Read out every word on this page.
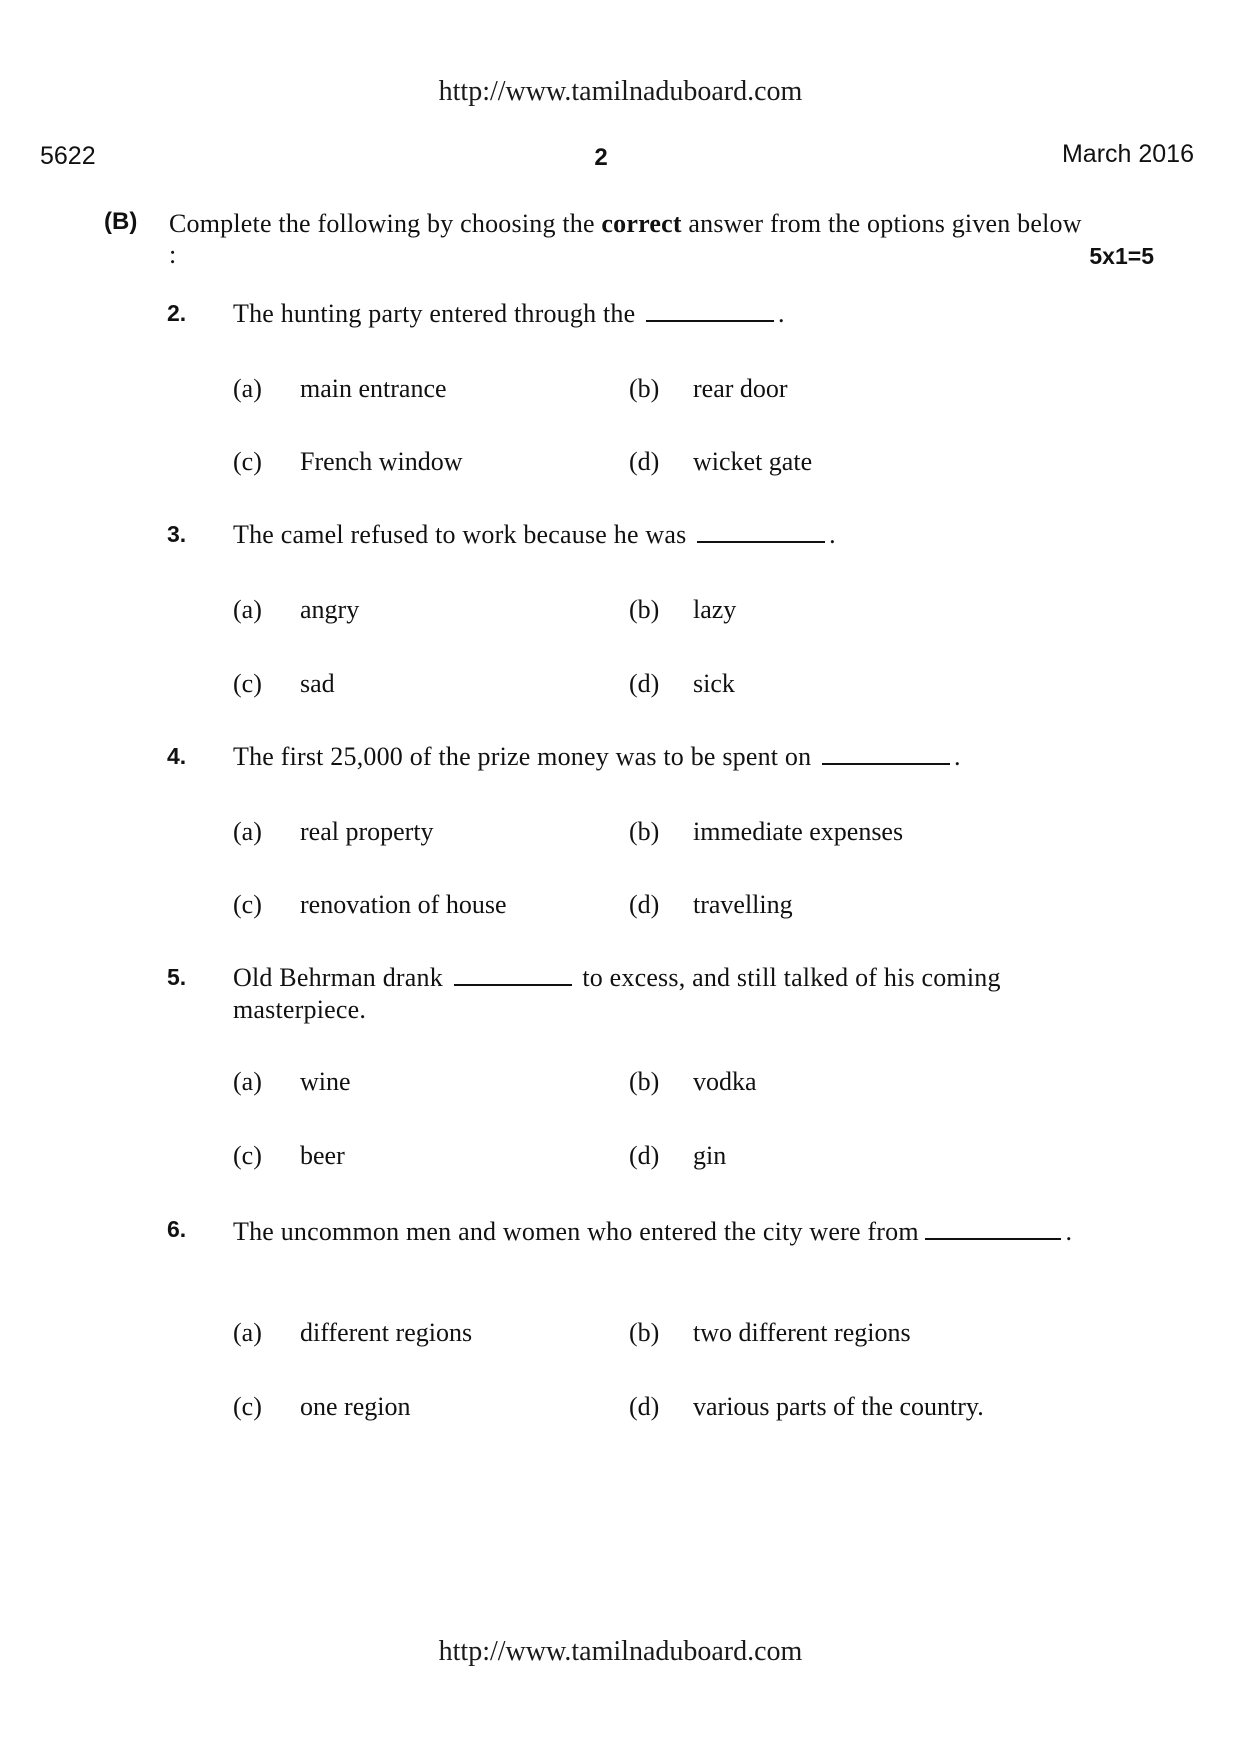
http://www.tamilnaduboard.com
5622	2	March 2016
(B) Complete the following by choosing the correct answer from the options given below :	5x1=5
2. The hunting party entered through the	.
(a) main entrance	(b) rear door
(c) French window	(d) wicket gate
3. The camel refused to work because he was	.
(a) angry	(b) lazy
(c) sad	(d) sick
4. The first 25,000 of the prize money was to be spent on	.
(a) real property	(b) immediate expenses
(c) renovation of house	(d) travelling
5. Old Behrman drank	to excess, and still talked of his coming masterpiece.
(a) wine	(b) vodka
(c) beer	(d) gin
6. The uncommon men and women who entered the city were from	.
(a) different regions	(b) two different regions
(c) one region	(d) various parts of the country.
http://www.tamilnaduboard.com
